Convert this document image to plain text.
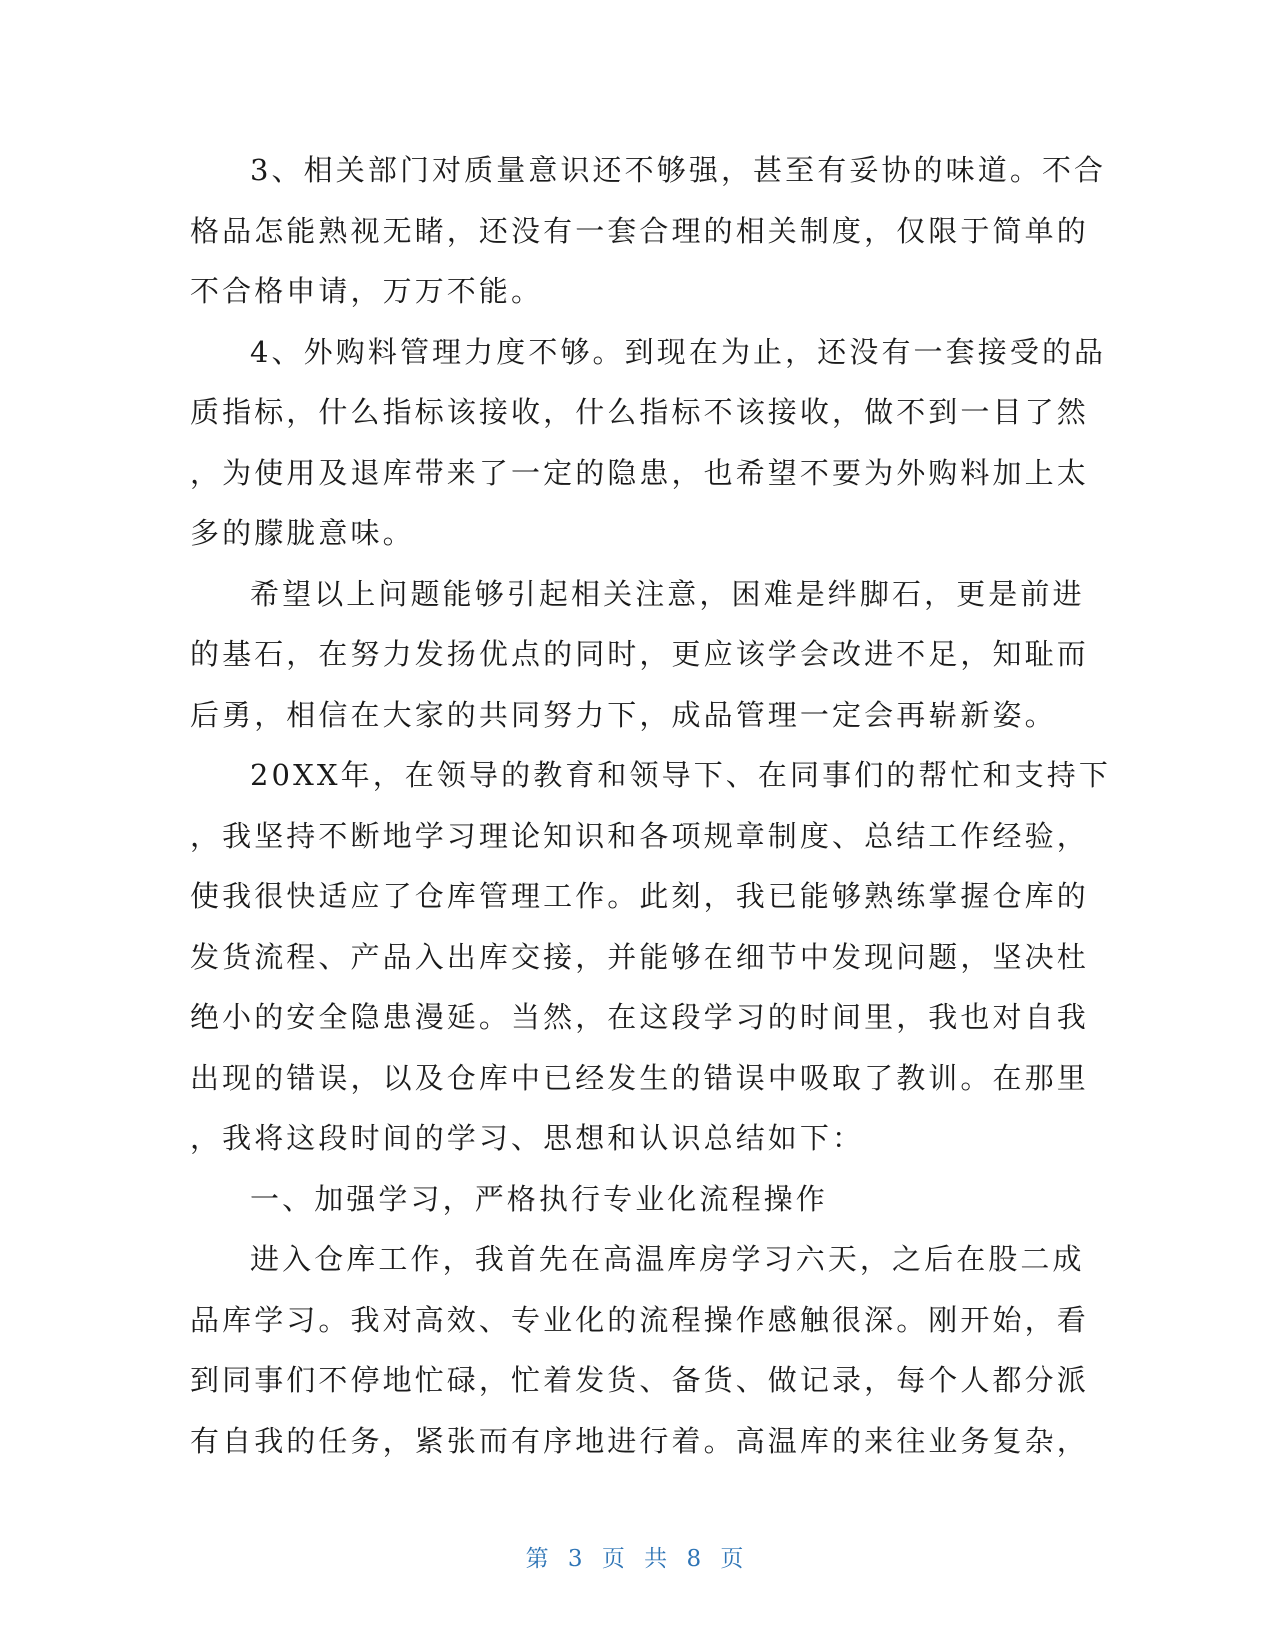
3、相关部门对质量意识还不够强，甚至有妥协的味道。不合
格品怎能熟视无睹，还没有一套合理的相关制度，仅限于简单的
不合格申请，万万不能。
4、外购料管理力度不够。到现在为止，还没有一套接受的品
质指标，什么指标该接收，什么指标不该接收，做不到一目了然
，为使用及退库带来了一定的隐患，也希望不要为外购料加上太
多的朦胧意味。
希望以上问题能够引起相关注意，困难是绊脚石，更是前进
的基石，在努力发扬优点的同时，更应该学会改进不足，知耻而
后勇，相信在大家的共同努力下，成品管理一定会再崭新姿。
20XX年，在领导的教育和领导下、在同事们的帮忙和支持下
，我坚持不断地学习理论知识和各项规章制度、总结工作经验，
使我很快适应了仓库管理工作。此刻，我已能够熟练掌握仓库的
发货流程、产品入出库交接，并能够在细节中发现问题，坚决杜
绝小的安全隐患漫延。当然，在这段学习的时间里，我也对自我
出现的错误，以及仓库中已经发生的错误中吸取了教训。在那里
，我将这段时间的学习、思想和认识总结如下：
一、加强学习，严格执行专业化流程操作
进入仓库工作，我首先在高温库房学习六天，之后在股二成
品库学习。我对高效、专业化的流程操作感触很深。刚开始，看
到同事们不停地忙碌，忙着发货、备货、做记录，每个人都分派
有自我的任务，紧张而有序地进行着。高温库的来往业务复杂，
第 3 页 共 8 页
